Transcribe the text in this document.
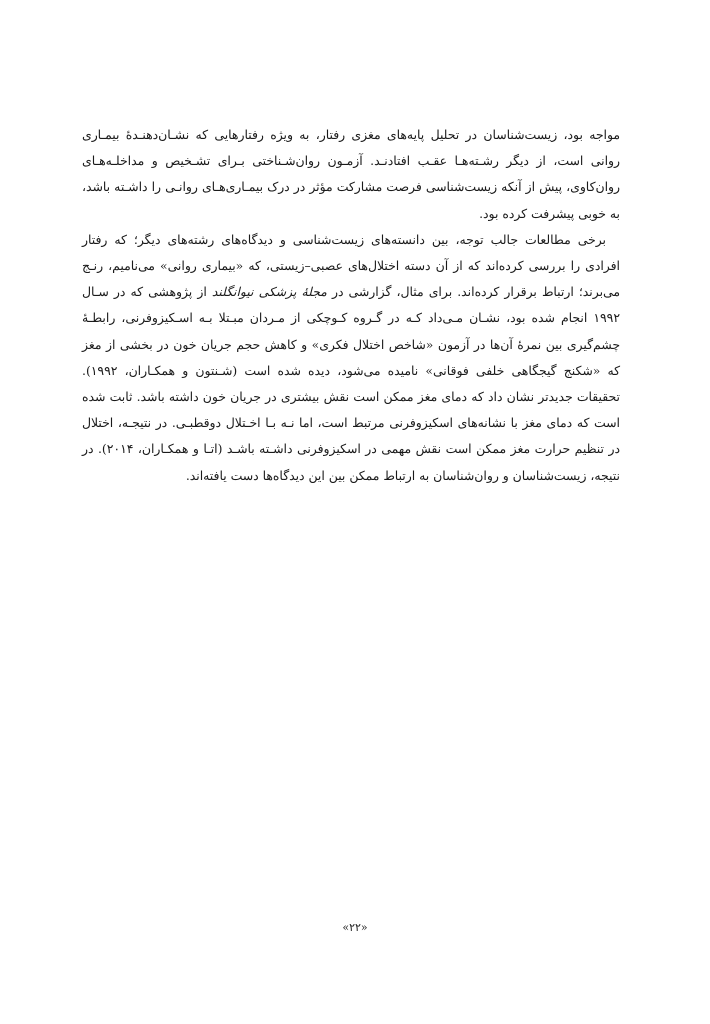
مواجه بود، زیست‌شناسان در تحلیل پایه‌های مغزی رفتار، به ویژه رفتارهایی که نشـان‌دهنـدهٔ بیمـاری روانی است، از دیگر رشـته‌هـا عقـب افتادنـد. آزمـون روان‌شـناختی بـرای تشـخیص و مداخلـه‌هـای روان‌کاوی، پیش از آنکه زیست‌شناسی فرصت مشارکت مؤثر در درک بیمـاری‌هـای روانـی را داشـته باشد، به خوبی پیشرفت کرده بود.

برخی مطالعات جالب توجه، بین دانسته‌های زیست‌شناسی و دیدگاه‌های رشته‌های دیگر؛ که رفتار افرادی را بررسی کرده‌اند که از آن دسته اختلال‌های عصبی–زیستی، که «بیماری روانی» می‌نامیم، رنـج می‌برند؛ ارتباط برقرار کرده‌اند. برای مثال، گزارشی در مجلهٔ پزشکی نیوانگلند از پژوهشی که در سـال ۱۹۹۲ انجام شده بود، نشـان مـی‌داد کـه در گـروه کـوچکی از مـردان مبـتلا بـه اسـکیزوفرنی، رابطـهٔ چشم‌گیری بین نمرهٔ آن‌ها در آزمون «شاخص اختلال فکری» و کاهش حجم جریان خون در بخشی از مغز که «شکنج گیجگاهی خلفی فوقانی» نامیده می‌شود، دیده شده است (شـنتون و همکـاران، ۱۹۹۲). تحقیقات جدیدتر نشان داد که دمای مغز ممکن است نقش بیشتری در جریان خون داشته باشد. ثابت شده است که دمای مغز با نشانه‌های اسکیزوفرنی مرتبط است، اما نـه بـا اخـتلال دوقطبـی. در نتیجـه، اختلال در تنظیم حرارت مغز ممکن است نقش مهمی در اسکیزوفرنی داشـته باشـد (اتـا و همکـاران، ۲۰۱۴). در نتیجه، زیست‌شناسان و روان‌شناسان به ارتباط ممکن بین این دیدگاه‌ها دست یافته‌اند.

«۲۲»
